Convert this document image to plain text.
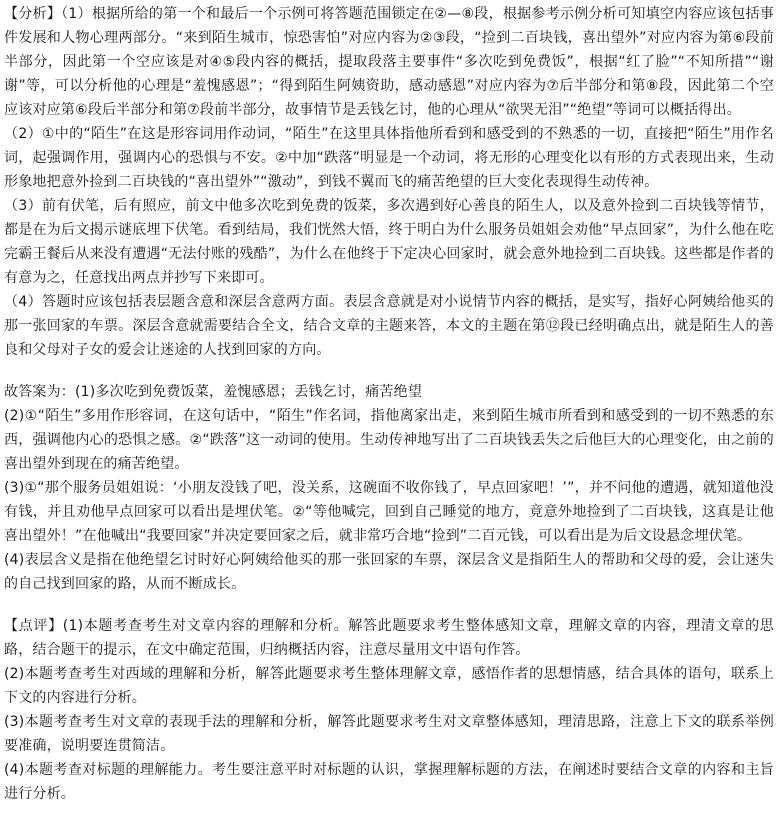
【分析】（1）根据所给的第一个和最后一个示例可将答题范围锁定在②—⑧段，根据参考示例分析可知填空内容应该包括事件发展和人物心理两部分。“来到陌生城市，惊恐害怕”对应内容为②③段，“捡到二百块钱，喜出望外”对应内容为第⑥段前半部分，因此第一个空应该是对④⑤段内容的概括，提取段落主要事件“多次吃到免费饭”，根据“红了脸”“不知所措”“谢谢”等，可以分析他的心理是“羞愧感恩”；“得到陌生阿姨资助，感动感恩”对应内容为⑦后半部分和第⑧段，因此第二个空应该对应第⑥段后半部分和第⑦段前半部分，故事情节是丢钱乞讨，他的心理从“欲哭无泪”“绝望”等词可以概括得出。

（2）①中的“陌生”在这是形容词用作动词，“陌生”在这里具体指他所看到和感受到的不熟悉的一切，直接把“陌生”用作名词，起强调作用，强调内心的恐惧与不安。②中加“跌落”明显是一个动词，将无形的心理变化以有形的方式表现出来，生动形象地把意外捡到二百块钱的“喜出望外”“激动”，到钱不翼而飞的痛苦绝望的巨大变化表现得生动传神。

（3）前有伏笔，后有照应，前文中他多次吃到免费的饭菜，多次遇到好心善良的陌生人，以及意外捡到二百块钱等情节，都是在为后文揭示谜底埋下伏笔。看到结局，我们恍然大悟，终于明白为什么服务员姐姐会劝他“早点回家”，为什么他在吃完霸王餐后从来没有遭遇“无法付账的残酷”，为什么在他终于下定决心回家时，就会意外地捡到二百块钱。这些都是作者的有意为之，任意找出两点并抄写下来即可。

（4）答题时应该包括表层题含意和深层含意两方面。表层含意就是对小说情节内容的概括，是实写，指好心阿姨给他买的那一张回家的车票。深层含意就需要结合全文，结合文章的主题来答，本文的主题在第⑫段已经明确点出，就是陌生人的善良和父母对子女的爱会让迷途的人找到回家的方向。

故答案为：(1)多次吃到免费饭菜，羞愧感恩；丢钱乞讨，痛苦绝望

(2)①“陌生”多用作形容词，在这句话中，“陌生”作名词，指他离家出走，来到陌生城市所看到和感受到的一切不熟悉的东西，强调他内心的恐惧之感。②“跌落”这一动词的使用。生动传神地写出了二百块钱丢失之后他巨大的心理变化，由之前的喜出望外到现在的痛苦绝望。

(3)①“那个服务员姐姐说：‘小朋友没钱了吧，没关系，这碗面不收你钱了，早点回家吧！’”，并不问他的遭遇，就知道他没有钱，并且劝他早点回家可以看出是埋伏笔。②“等他喊完，回到自己睡觉的地方，竟意外地捡到了二百块钱，这真是让他喜出望外！”在他喊出“我要回家”并决定要回家之后，就非常巧合地“捡到”二百元钱，可以看出是为后文设悬念埋伏笔。

(4)表层含义是指在他绝望乞讨时好心阿姨给他买的那一张回家的车票，深层含义是指陌生人的帮助和父母的爱，会让迷失的自己找到回家的路，从而不断成长。

【点评】(1)本题考查考生对文章内容的理解和分析。解答此题要求考生整体感知文章，理解文章的内容，理清文章的思路，结合题干的提示，在文中确定范围，归纳概括内容，注意尽量用文中语句作答。

(2)本题考查考生对西域的理解和分析，解答此题要求考生整体理解文章，感悟作者的思想情感，结合具体的语句，联系上下文的内容进行分析。

(3)本题考查考生对文章的表现手法的理解和分析，解答此题要求考生对文章整体感知，理清思路，注意上下文的联系举例要准确，说明要连贯简洁。

(4)本题考查对标题的理解能力。考生要注意平时对标题的认识，掌握理解标题的方法，在阐述时要结合文章的内容和主旨进行分析。
